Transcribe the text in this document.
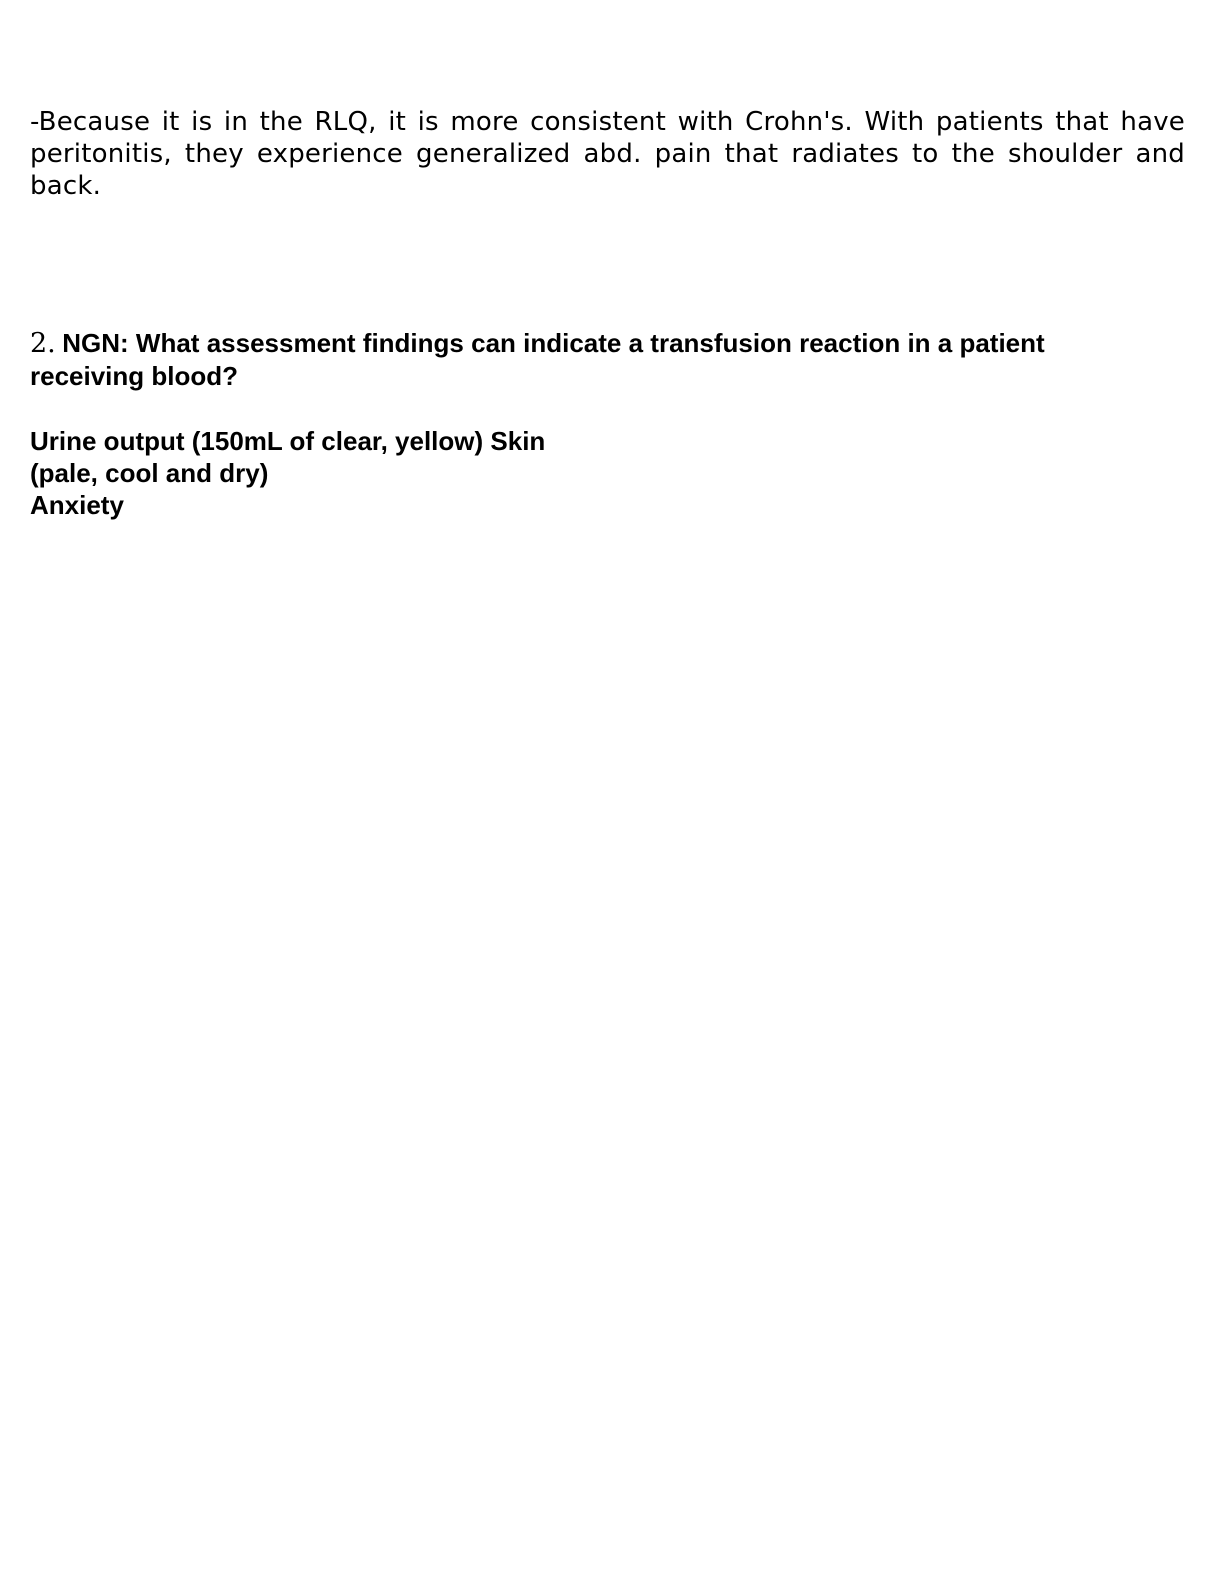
-Because it is in the RLQ, it is more consistent with Crohn's. With patients that have peritonitis, they experience generalized abd. pain that radiates to the shoulder and back.

2. NGN: What assessment findings can indicate a transfusion reaction in a patient receiving blood?
Urine output (150mL of clear, yellow) Skin
(pale, cool and dry)
Anxiety
